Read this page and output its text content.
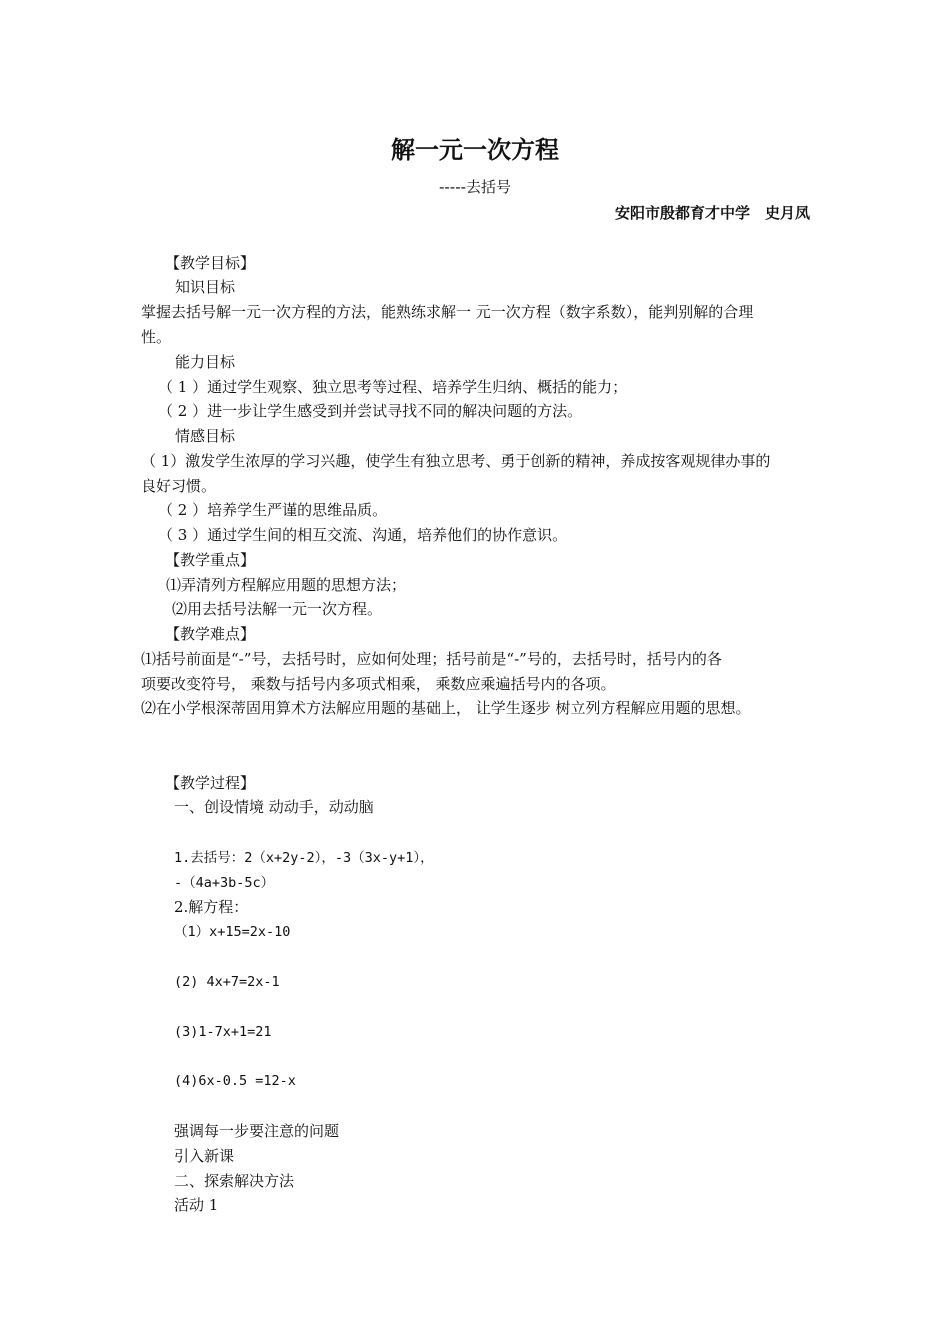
解一元一次方程
-----去括号
安阳市殷都育才中学　史月凤
【教学目标】
知识目标
掌握去括号解一元一次方程的方法，能熟练求解一 元一次方程（数字系数），能判别解的合理
性。
能力目标
（ 1 ）通过学生观察、独立思考等过程、培养学生归纳、概括的能力；
（ 2 ）进一步让学生感受到并尝试寻找不同的解决问题的方法。
情感目标
（ 1）激发学生浓厚的学习兴趣，使学生有独立思考、勇于创新的精神，养成按客观规律办事的
良好习惯。
（ 2 ）培养学生严谨的思维品质。
（ 3 ）通过学生间的相互交流、沟通，培养他们的协作意识。
【教学重点】
⑴弄清列方程解应用题的思想方法；
⑵用去括号法解一元一次方程。
【教学难点】
⑴括号前面是“-”号，去括号时，应如何处理；括号前是“-”号的，去括号时，括号内的各
项要改变符号， 乘数与括号内多项式相乘， 乘数应乘遍括号内的各项。
⑵在小学根深蒂固用算术方法解应用题的基础上， 让学生逐步 树立列方程解应用题的思想。
【教学过程】
一、创设情境 动动手，动动脑
1.去括号：2（x+2y-2），-3（3x-y+1），
-（4a+3b-5c）
2.解方程：
（1）x+15=2x-10
(2) 4x+7=2x-1
(3)1-7x+1=21
(4)6x-0.5 =12-x
强调每一步要注意的问题
引入新课
二、探索解决方法
活动 1
